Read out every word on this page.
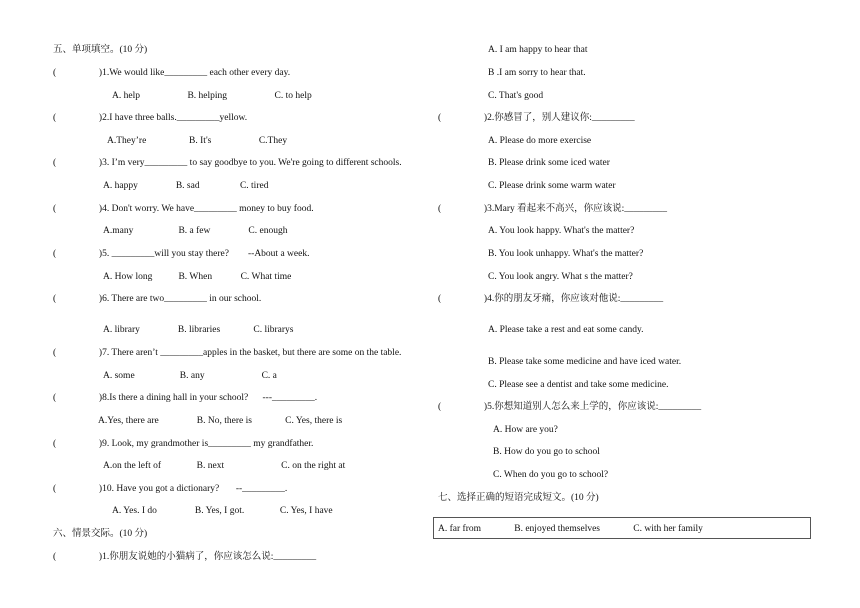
五、单项填空。(10 分)
(                  )1.We would like_________ each other every day.
A. help                    B. helping                    C. to help
(                  )2.I have three balls._________yellow.
A.They’re                  B. It's                    C.They
(                  )3. I’m very_________ to say goodbye to you. We're going to different schools.
A. happy                B. sad                 C. tired
(                  )4. Don't worry. We have_________ money to buy food.
A.many                   B. a few                C. enough
(                  )5. _________will you stay there?        --About a week.
A. How long           B. When            C. What time
(                  )6. There are two_________ in our school.
A. library                B. libraries              C. librarys
(                  )7. There aren’t _________apples in the basket, but there are some on the table.
A. some                   B. any                        C. a
(                  )8.Is there a dining hall in your school?      ---_________.
A.Yes, there are                B. No, there is              C. Yes, there is
(                  )9. Look, my grandmother is_________ my grandfather.
A.on the left of               B. next                        C. on the right at
(                  )10. Have you got a dictionary?       --_________.
A. Yes. I do                B. Yes, I got.               C. Yes, I have
六、情景交际。(10 分)
(                  )1.你朋友说她的小猫病了，你应该怎么说:_________
A. I am happy to hear that
B .I am sorry to hear that.
C. That's good
(                  )2.你感冒了，别人建议你:_________
A. Please do more exercise
B. Please drink some iced water
C. Please drink some warm water
(                  )3.Mary 看起来不高兴，你应该说:_________
A. You look happy. What's the matter?
B. You look unhappy. What's the matter?
C. You look angry. What s the matter?
(                  )4.你的朋友牙痛，你应该对他说:_________
A. Please take a rest and eat some candy.
B. Please take some medicine and have iced water.
C. Please see a dentist and take some medicine.
(                  )5.你想知道别人怎么来上学的，你应该说:_________
A. How are you?
B. How do you go to school
C. When do you go to school?
七、选择正确的短语完成短文。(10 分)
A. far from              B. enjoyed themselves              C. with her family
